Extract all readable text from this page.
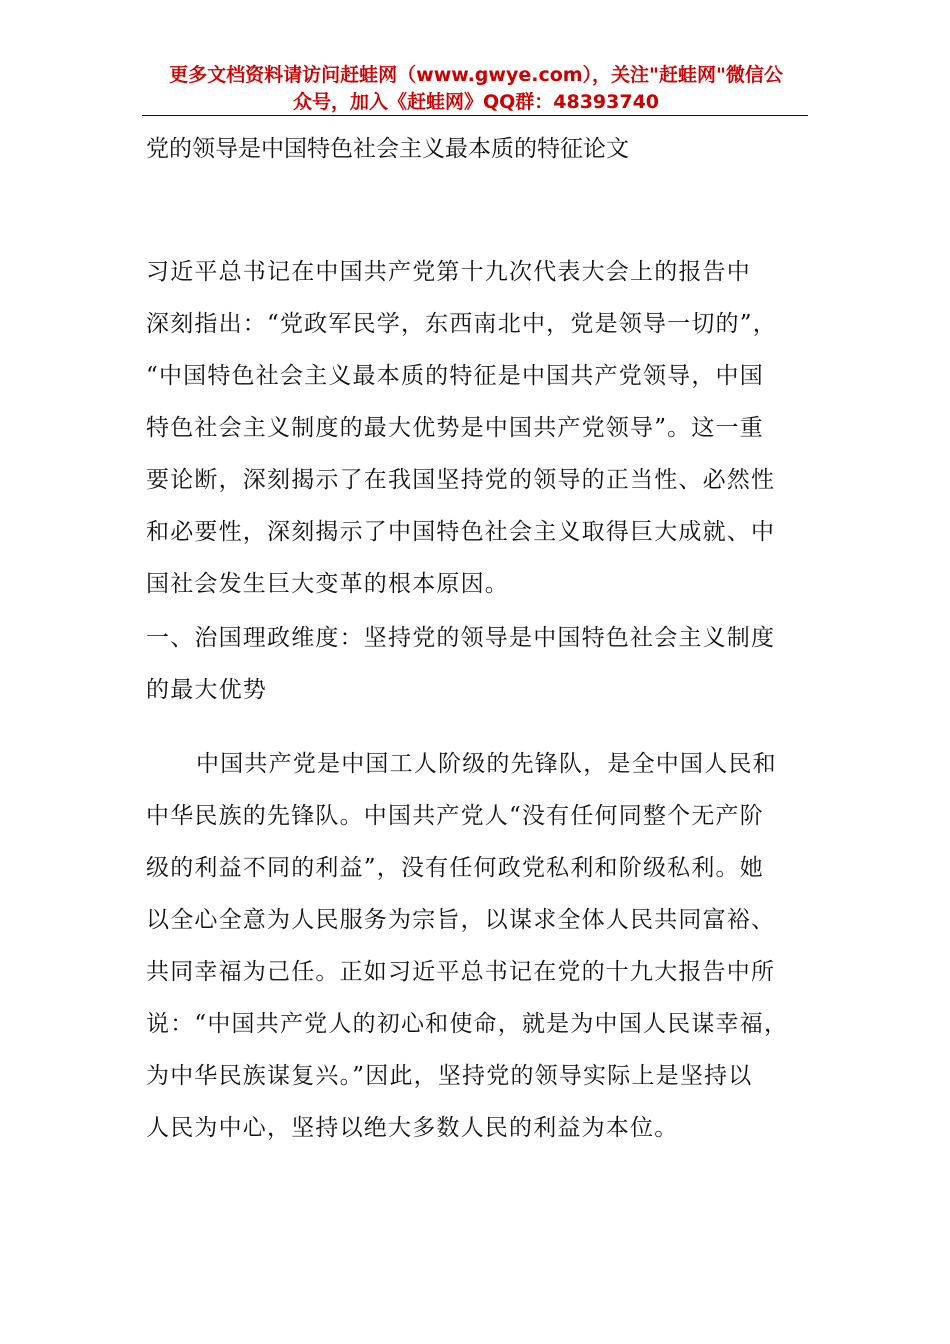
更多文档资料请访问赶蛙网（www.gwye.com），关注"赶蛙网"微信公
众号，加入《赶蛙网》QQ群：48393740
党的领导是中国特色社会主义最本质的特征论文
习近平总书记在中国共产党第十九次代表大会上的报告中
深刻指出：“党政军民学，东西南北中，党是领导一切的”，
“中国特色社会主义最本质的特征是中国共产党领导，中国
特色社会主义制度的最大优势是中国共产党领导”。这一重
要论断，深刻揭示了在我国坚持党的领导的正当性、必然性
和必要性，深刻揭示了中国特色社会主义取得巨大成就、中
国社会发生巨大变革的根本原因。
一、治国理政维度：坚持党的领导是中国特色社会主义制度
的最大优势
中国共产党是中国工人阶级的先锋队，是全中国人民和
中华民族的先锋队。中国共产党人“没有任何同整个无产阶
级的利益不同的利益”，没有任何政党私利和阶级私利。她
以全心全意为人民服务为宗旨，以谋求全体人民共同富裕、
共同幸福为己任。正如习近平总书记在党的十九大报告中所
说：“中国共产党人的初心和使命，就是为中国人民谋幸福，
为中华民族谋复兴。”因此，坚持党的领导实际上是坚持以
人民为中心，坚持以绝大多数人民的利益为本位。
